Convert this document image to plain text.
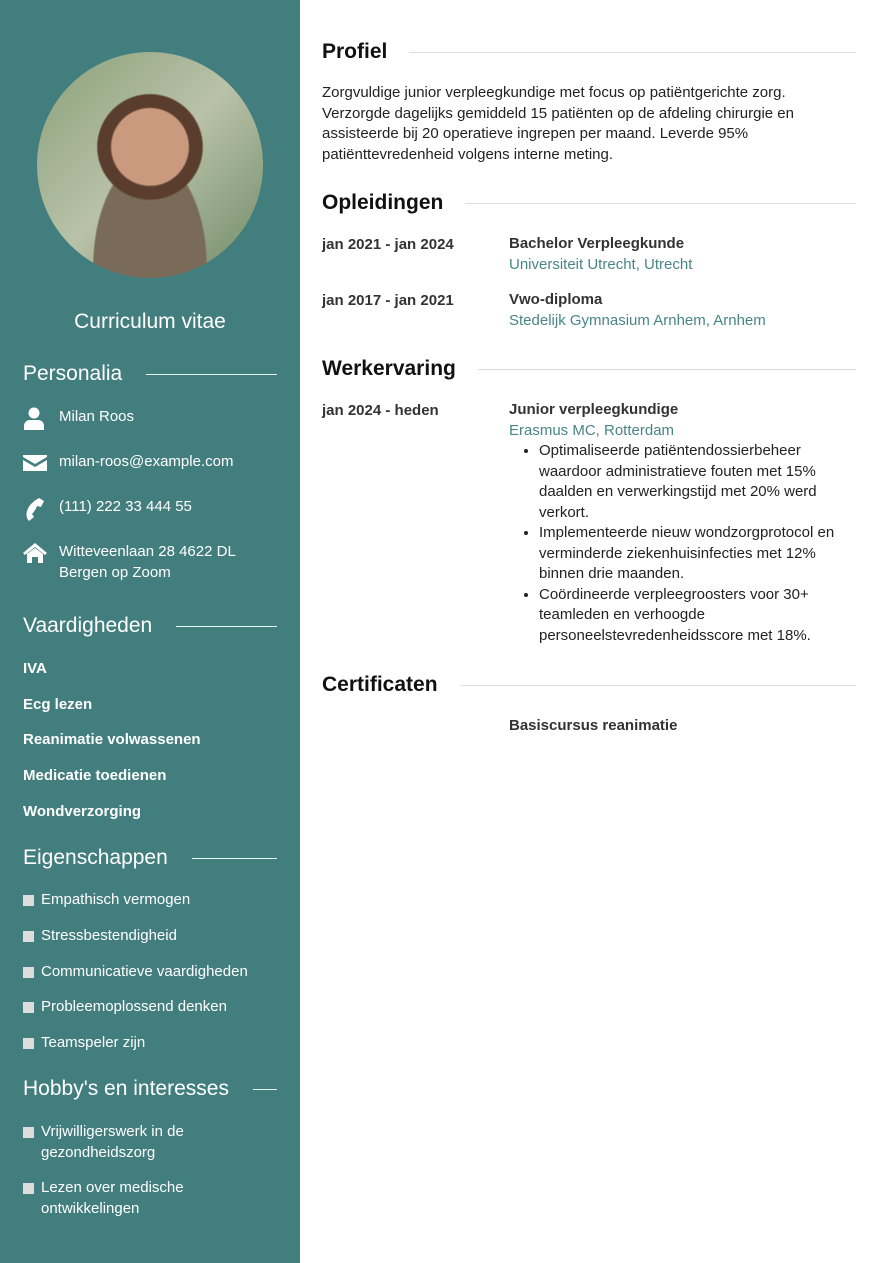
Curriculum vitae
Personalia
Milan Roos
milan-roos@example.com
(111) 222 33 444 55
Witteveenlaan 28 4622 DL Bergen op Zoom
Vaardigheden
IVA
Ecg lezen
Reanimatie volwassenen
Medicatie toedienen
Wondverzorging
Eigenschappen
Empathisch vermogen
Stressbestendigheid
Communicatieve vaardigheden
Probleemoplossend denken
Teamspeler zijn
Hobby's en interesses
Vrijwilligerswerk in de gezondheidszorg
Lezen over medische ontwikkelingen
Profiel
Zorgvuldige junior verpleegkundige met focus op patiëntgerichte zorg. Verzorgde dagelijks gemiddeld 15 patiënten op de afdeling chirurgie en assisteerde bij 20 operatieve ingrepen per maand. Leverde 95% patiënttevredenheid volgens interne meting.
Opleidingen
jan 2021 - jan 2024	Bachelor Verpleegkunde
Universiteit Utrecht, Utrecht
jan 2017 - jan 2021	Vwo-diploma
Stedelijk Gymnasium Arnhem, Arnhem
Werkervaring
jan 2024 - heden	Junior verpleegkundige
Erasmus MC, Rotterdam
• Optimaliseerde patiëntendossierbeheer waardoor administratieve fouten met 15% daalden en verwerkingstijd met 20% werd verkort.
• Implementeerde nieuw wondzorgprotocol en verminderde ziekenhuisinfecties met 12% binnen drie maanden.
• Coördineerde verpleegroosters voor 30+ teamleden en verhoogde personeelstevredenheidsscore met 18%.
Certificaten
Basiscursus reanimatie
